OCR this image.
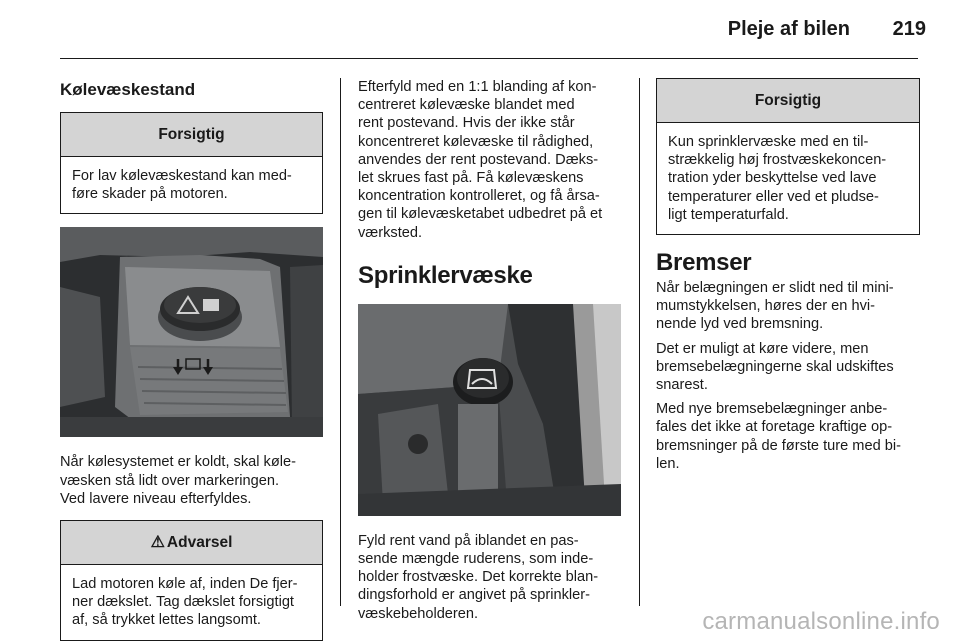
Pleje af bilen	219
Kølevæskestand
Forsigtig
For lav kølevæskestand kan med-
føre skader på motoren.
Når kølesystemet er koldt, skal køle-
væsken stå lidt over markeringen.
Ved lavere niveau efterfyldes.
⚠ Advarsel
Lad motoren køle af, inden De fjer-
ner dækslet. Tag dækslet forsigtigt
af, så trykket lettes langsomt.
Efterfyld med en 1:1 blanding af kon-
centreret kølevæske blandet med
rent postevand. Hvis der ikke står
koncentreret kølevæske til rådighed,
anvendes der rent postevand. Dæks-
let skrues fast på. Få kølevæskens
koncentration kontrolleret, og få årsa-
gen til kølevæsketabet udbedret på et
værksted.
Sprinklervæske
Fyld rent vand på iblandet en pas-
sende mængde ruderens, som inde-
holder frostvæske. Det korrekte blan-
dingsforhold er angivet på sprinkler-
væskebeholderen.
Forsigtig
Kun sprinklervæske med en til-
strækkelig høj frostvæskekoncen-
tration yder beskyttelse ved lave
temperaturer eller ved et pludse-
ligt temperaturfald.
Bremser
Når belægningen er slidt ned til mini-
mumstykkelsen, høres der en hvi-
nende lyd ved bremsning.
Det er muligt at køre videre, men
bremsebelægningerne skal udskiftes
snarest.
Med nye bremsebelægninger anbe-
fales det ikke at foretage kraftige op-
bremsninger på de første ture med bi-
len.
carmanualsonline.info
